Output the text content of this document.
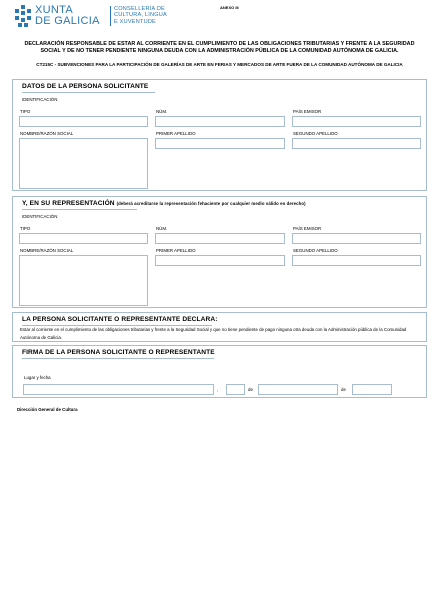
XUNTA
DE GALICIA
CONSELLERÍA DE
CULTURA, LINGUA
E XUVENTUDE
ANEXO III
DECLARACIÓN RESPONSABLE DE ESTAR AL CORRIENTE EN EL CUMPLIMIENTO DE LAS OBLIGACIONES TRIBUTARIAS Y FRENTE A LA SEGURIDAD SOCIAL Y DE NO TENER PENDIENTE NINGUNA DEUDA CON LA ADMINISTRACIÓN PÚBLICA DE LA COMUNIDAD AUTÓNOMA DE GALICIA.
CT215C - SUBVENCIONES PARA LA PARTICIPACIÓN DE GALERÍAS DE ARTE EN FERIAS Y MERCADOS DE ARTE FUERA DE LA COMUNIDAD AUTÓNOMA DE GALICIA
DATOS DE LA PERSONA SOLICITANTE
IDENTIFICACIÓN
TIPO	NÚM.	PAÍS EMISOR
NOMBRE/RAZÓN SOCIAL	PRIMER APELLIDO	SEGUNDO APELLIDO
Y, EN SU REPRESENTACIÓN (deberá acreditarse la representación fehaciente por cualquier medio válido en derecho)
IDENTIFICACIÓN
TIPO	NÚM.	PAÍS EMISOR
NOMBRE/RAZÓN SOCIAL	PRIMER APELLIDO	SEGUNDO APELLIDO
LA PERSONA SOLICITANTE O REPRESENTANTE DECLARA:
Estar al corriente en el cumplimiento de las obligaciones tributarias y frente a la Seguridad Social y que no tiene pendiente de pago ninguna otra deuda con la Administración pública de la Comunidad Autónoma de Galicia.
FIRMA DE LA PERSONA SOLICITANTE O REPRESENTANTE
Lugar y fecha
,	de	de
Dirección General de Cultura
